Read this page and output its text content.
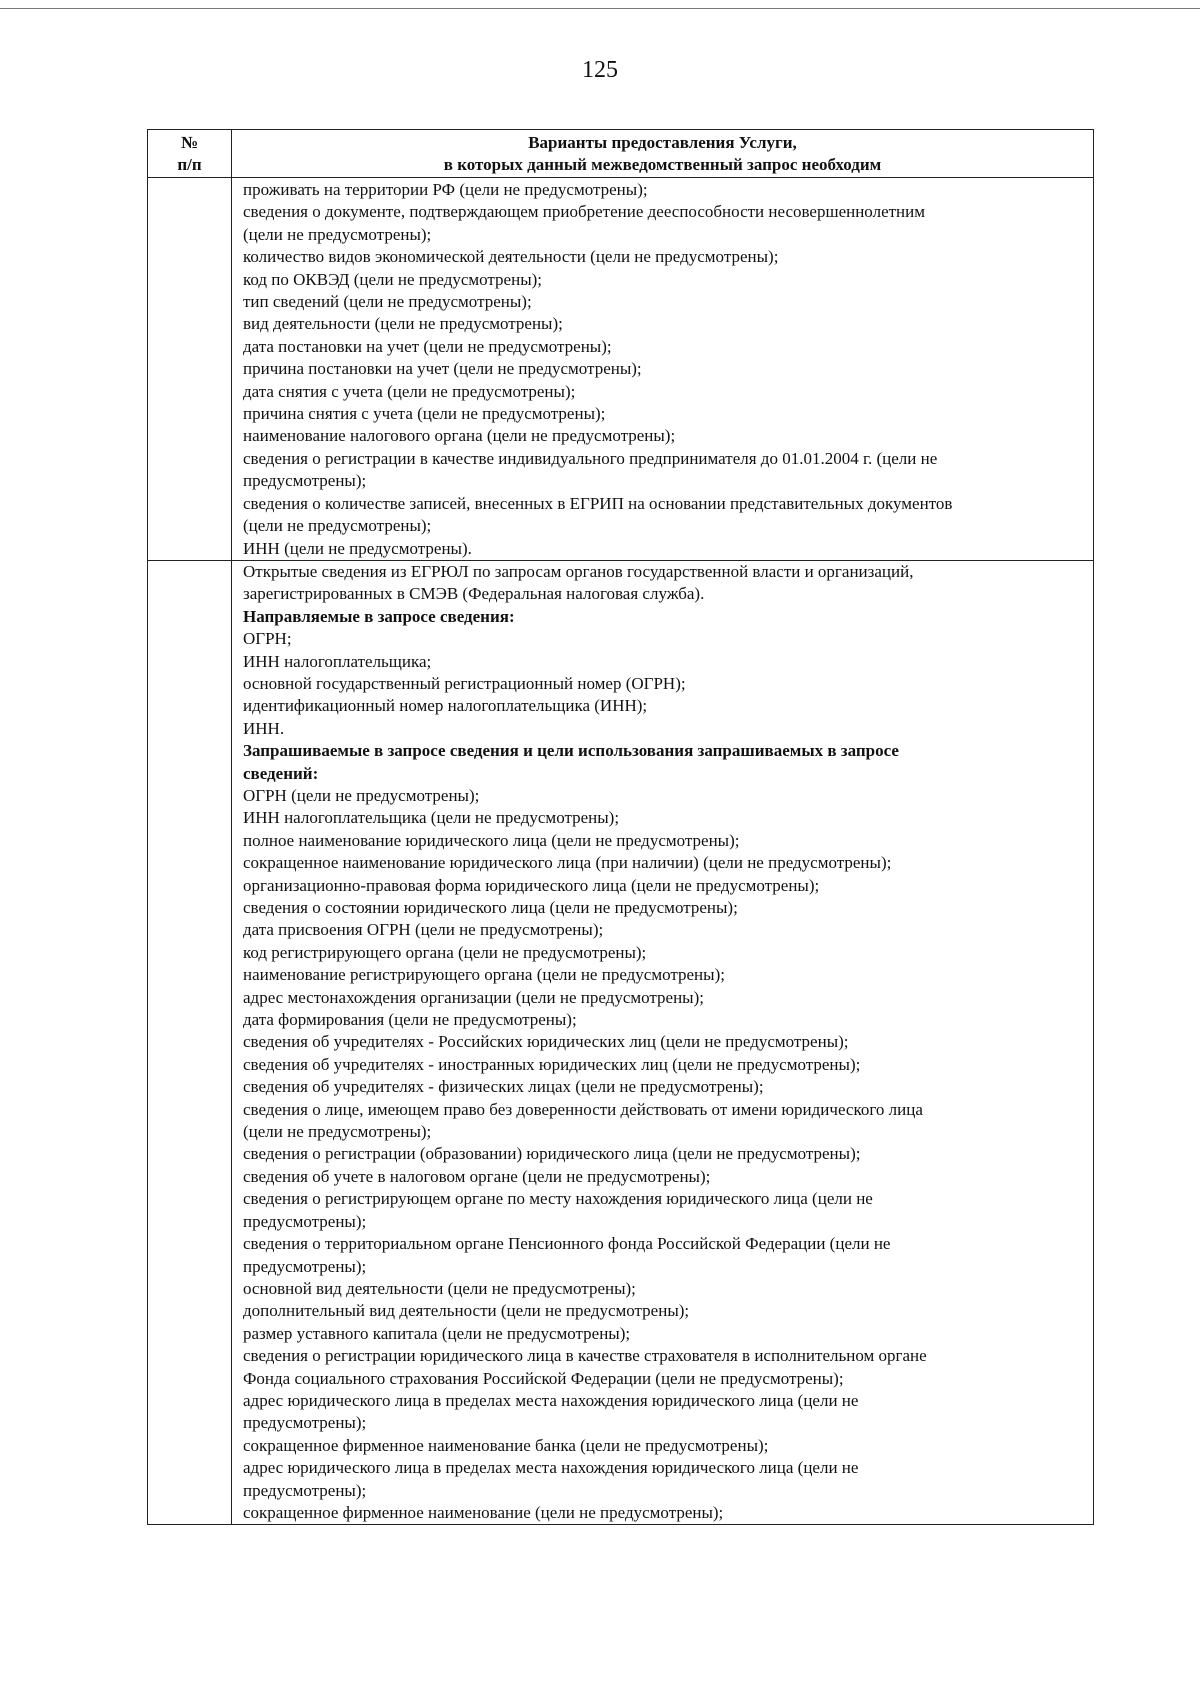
125
№
п/п
Варианты предоставления Услуги,
в которых данный межведомственный запрос необходим
проживать на территории РФ (цели не предусмотрены);
сведения о документе, подтверждающем приобретение дееспособности несовершеннолетним
(цели не предусмотрены);
количество видов экономической деятельности (цели не предусмотрены);
код по ОКВЭД (цели не предусмотрены);
тип сведений (цели не предусмотрены);
вид деятельности (цели не предусмотрены);
дата постановки на учет (цели не предусмотрены);
причина постановки на учет (цели не предусмотрены);
дата снятия с учета (цели не предусмотрены);
причина снятия с учета (цели не предусмотрены);
наименование налогового органа (цели не предусмотрены);
сведения о регистрации в качестве индивидуального предпринимателя до 01.01.2004 г. (цели не
предусмотрены);
сведения о количестве записей, внесенных в ЕГРИП на основании представительных документов
(цели не предусмотрены);
ИНН (цели не предусмотрены).
Открытые сведения из ЕГРЮЛ по запросам органов государственной власти и организаций,
зарегистрированных в СМЭВ (Федеральная налоговая служба).
Направляемые в запросе сведения:
ОГРН;
ИНН налогоплательщика;
основной государственный регистрационный номер (ОГРН);
идентификационный номер налогоплательщика (ИНН);
ИНН.
Запрашиваемые в запросе сведения и цели использования запрашиваемых в запросе
сведений:
ОГРН (цели не предусмотрены);
ИНН налогоплательщика (цели не предусмотрены);
полное наименование юридического лица (цели не предусмотрены);
сокращенное наименование юридического лица (при наличии) (цели не предусмотрены);
организационно-правовая форма юридического лица (цели не предусмотрены);
сведения о состоянии юридического лица (цели не предусмотрены);
дата присвоения ОГРН (цели не предусмотрены);
код регистрирующего органа (цели не предусмотрены);
наименование регистрирующего органа (цели не предусмотрены);
адрес местонахождения организации (цели не предусмотрены);
дата формирования (цели не предусмотрены);
сведения об учредителях - Российских юридических лиц (цели не предусмотрены);
сведения об учредителях - иностранных юридических лиц (цели не предусмотрены);
сведения об учредителях - физических лицах (цели не предусмотрены);
сведения о лице, имеющем право без доверенности действовать от имени юридического лица
(цели не предусмотрены);
сведения о регистрации (образовании) юридического лица (цели не предусмотрены);
сведения об учете в налоговом органе (цели не предусмотрены);
сведения о регистрирующем органе по месту нахождения юридического лица (цели не
предусмотрены);
сведения о территориальном органе Пенсионного фонда Российской Федерации (цели не
предусмотрены);
основной вид деятельности (цели не предусмотрены);
дополнительный вид деятельности (цели не предусмотрены);
размер уставного капитала (цели не предусмотрены);
сведения о регистрации юридического лица в качестве страхователя в исполнительном органе
Фонда социального страхования Российской Федерации (цели не предусмотрены);
адрес юридического лица в пределах места нахождения юридического лица (цели не
предусмотрены);
сокращенное фирменное наименование банка (цели не предусмотрены);
адрес юридического лица в пределах места нахождения юридического лица (цели не
предусмотрены);
сокращенное фирменное наименование (цели не предусмотрены);
